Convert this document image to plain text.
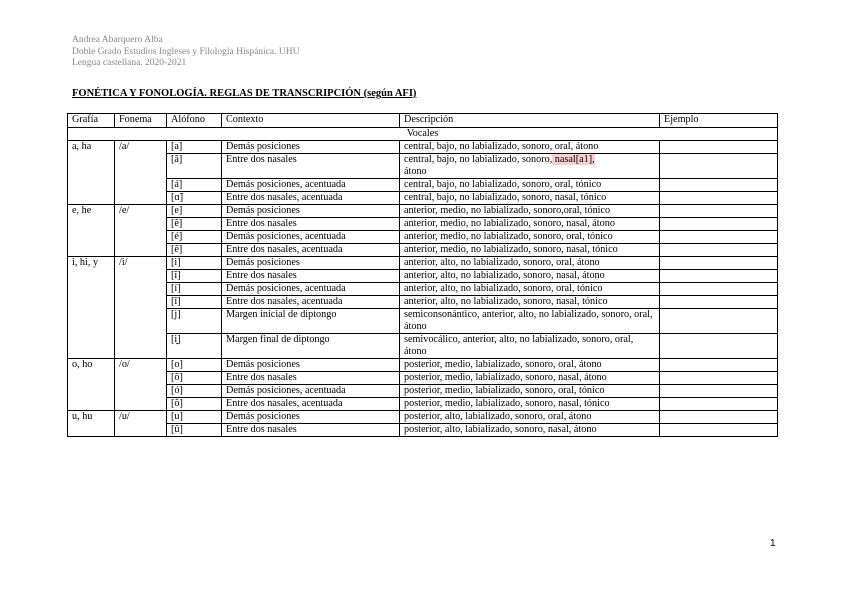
Andrea Abarquero Alba
Doble Grado Estudios Ingleses y Filología Hispánica. UHU
Lengua castellana. 2020-2021
FONÉTICA Y FONOLOGÍA. REGLAS DE TRANSCRIPCIÓN (según AFI)
Grafía	Fonema	Alófono	Contexto	Descripción	Ejemplo
Vocales					
a, ha	/a/	[a]	Demás posiciones	central, bajo, no labializado, sonoro, oral, átono	
		[ã]	Entre dos nasales	central, bajo, no labializado, sonoro, nasal[a1],
átono	
		[á]	Demás posiciones, acentuada	central, bajo, no labializado, sonoro, oral, tónico	
		[ɑ̃]	Entre dos nasales, acentuada	central, bajo, no labializado, sonoro, nasal, tónico	
e, he	/e/	[e]	Demás posiciones	anterior, medio, no labializado, sonoro,oral, tónico	
		[ẽ]	Entre dos nasales	anterior, medio, no labializado, sonoro, nasal, átono	
		[é]	Demás posiciones, acentuada	anterior, medio, no labializado, sonoro, oral, tónico	
		[ẽ́]	Entre dos nasales, acentuada	anterior, medio, no labializado, sonoro, nasal, tónico	
i, hi, y	/i/	[i]	Demás posiciones	anterior, alto, no labializado, sonoro, oral, átono	
		[ĩ]	Entre dos nasales	anterior, alto, no labializado, sonoro, nasal, átono	
		[í]	Demás posiciones, acentuada	anterior, alto, no labializado, sonoro, oral, tónico	
		[ĩ́]	Entre dos nasales, acentuada	anterior, alto, no labializado, sonoro, nasal, tónico	
		[j]	Margen inicial de diptongo	semiconsonántico, anterior, alto, no labializado, sonoro, oral, átono	
		[i̯]	Margen final de diptongo	semivocálico, anterior, alto, no labializado, sonoro, oral, átono	
o, ho	/o/	[o]	Demás posiciones	posterior, medio, labializado, sonoro, oral, átono	
		[õ]	Entre dos nasales	posterior, medio, labializado, sonoro, nasal, átono	
		[ó]	Demás posiciones, acentuada	posterior, medio, labializado, sonoro, oral, tónico	
		[ṍ]	Entre dos nasales, acentuada	posterior, medio, labializado, sonoro, nasal, tónico	
u, hu	/u/	[u]	Demás posiciones	posterior, alto, labializado, sonoro, oral, átono	
		[ũ]	Entre dos nasales	posterior, alto, labializado, sonoro, nasal, átono	
1
